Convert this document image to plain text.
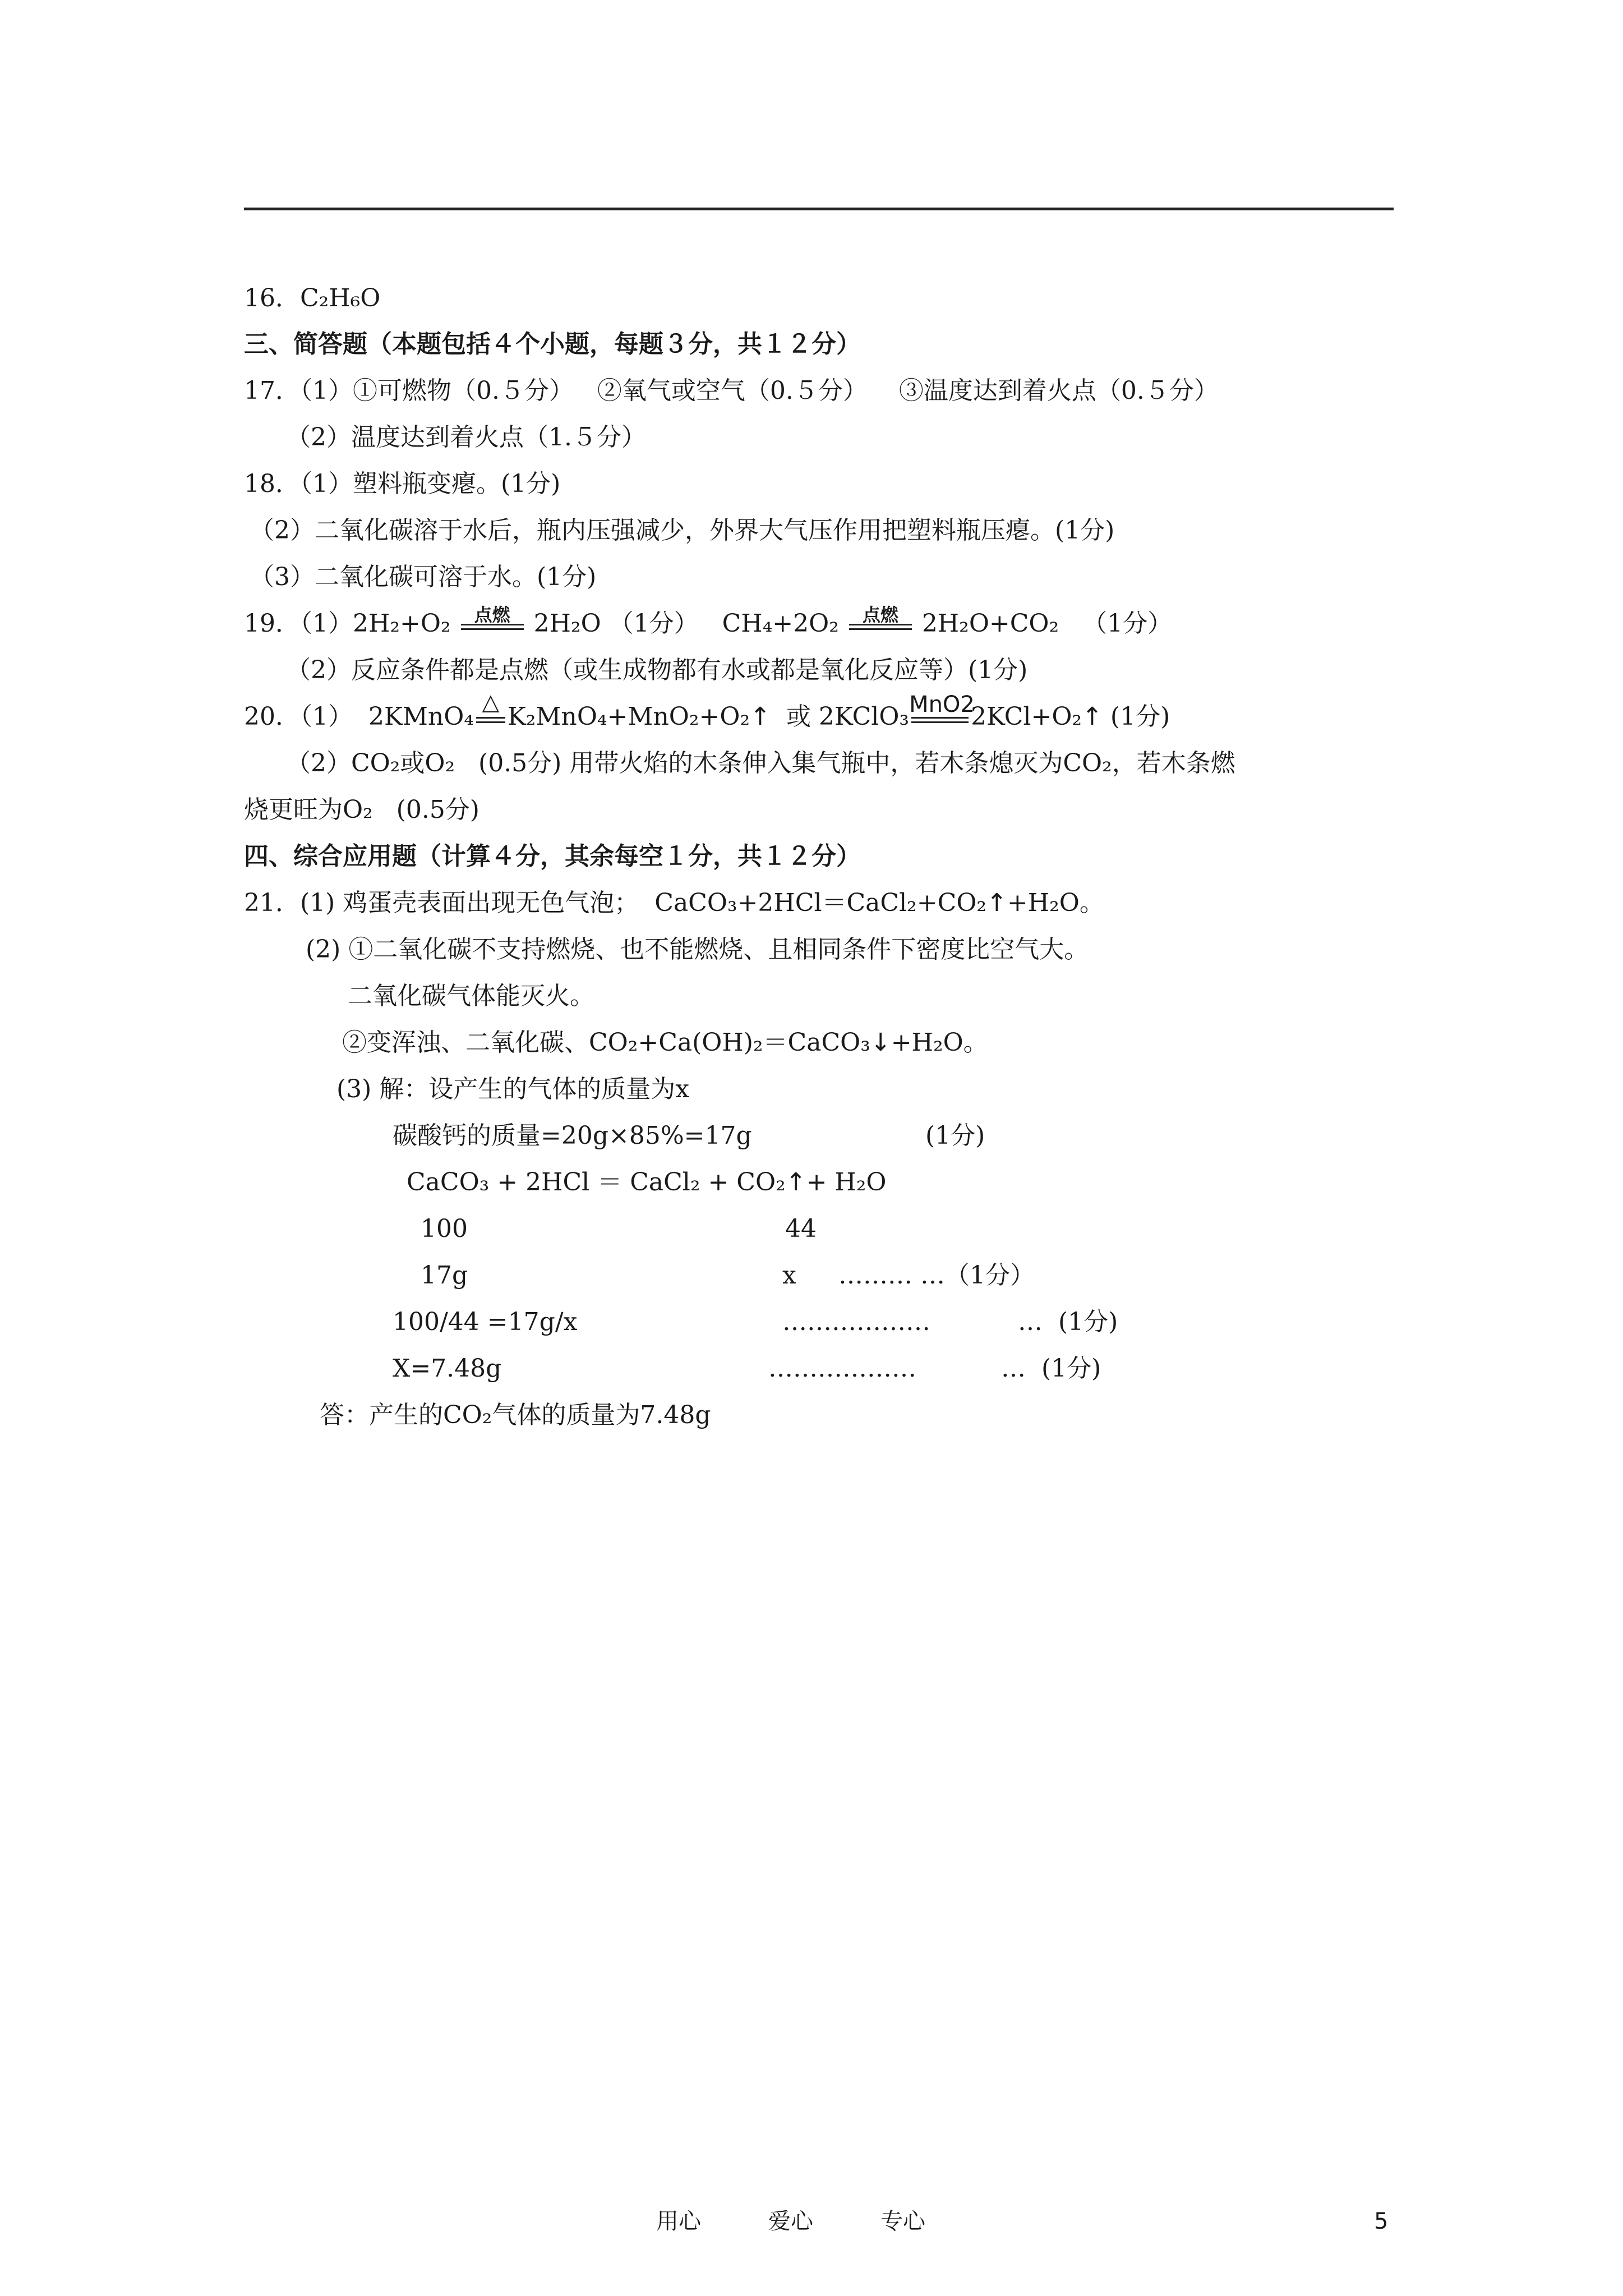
16．C₂H₆O
三、简答题（本题包括４个小题，每题３分，共１２分）
17．（1）①可燃物（0.５分）   ②氧气或空气（0.５分）    ③温度达到着火点（0.５分）
（2）温度达到着火点（1.５分）
18．（1）塑料瓶变瘪。(1分)
（2）二氧化碳溶于水后，瓶内压强减少，外界大气压作用把塑料瓶压瘪。(1分)
（3）二氧化碳可溶于水。(1分)
19．（1）2H₂+O₂	点燃 2H₂O （1分）   CH₄+2O₂	点燃 2H₂O+CO₂   （1分）
（2）反应条件都是点燃（或生成物都有水或都是氧化反应等）(1分)
20．（1）  2KMnO₄ △ K₂MnO₄+MnO₂+O₂↑  或 2KClO₃ MnO2
2KCl+O₂↑ (1分)
（2）CO₂或O₂   (0.5分) 用带火焰的木条伸入集气瓶中，若木条熄灭为CO₂，若木条燃
烧更旺为O₂   (0.5分)
四、综合应用题（计算４分，其余每空１分，共１２分）
21．(1) 鸡蛋壳表面出现无色气泡；  CaCO₃+2HCl＝CaCl₂+CO₂↑+H₂O。
(2) ①二氧化碳不支持燃烧、也不能燃烧、且相同条件下密度比空气大。
二氧化碳气体能灭火。
②变浑浊、二氧化碳、CO₂+Ca(OH)₂＝CaCO₃↓+H₂O。
(3) 解：设产生的气体的质量为x
碳酸钙的质量=20g×85%=17g	(1分)
CaCO₃ + 2HCl ＝ CaCl₂ + CO₂↑+ H₂O
100	44
17g	x ……… …（1分）
100/44 =17g/x	………………	…  (1分)
X=7.48g	………………	…  (1分)
答：产生的CO₂气体的质量为7.48g
用心	爱心	专心	5
